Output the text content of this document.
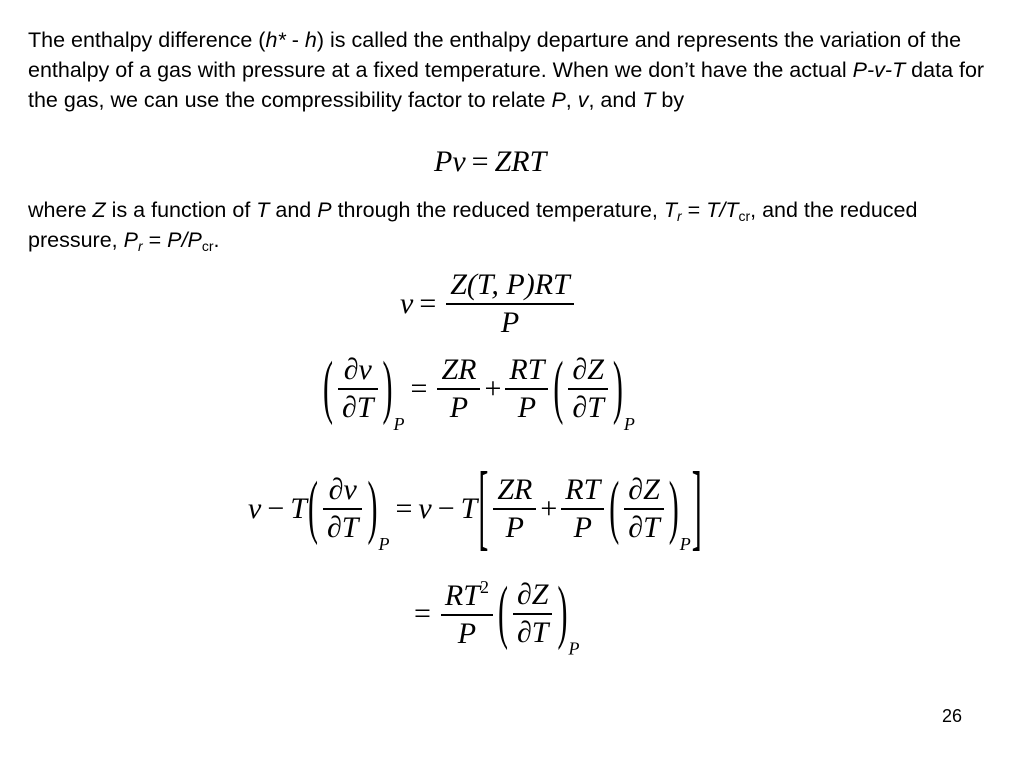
The enthalpy difference (h* - h) is called the enthalpy departure and represents the variation of the enthalpy of a gas with pressure at a fixed temperature. When we don’t have the actual P-v-T data for the gas, we can use the compressibility factor to relate P, v, and T by
Pv = ZRT
where Z is a function of T and P through the reduced temperature, $T_r = T/T_{cr}$, and the reduced pressure, $P_r = P/P_{cr}$.
$v = \frac{Z(T, P)RT}{P}$
( $\frac{\partial v}{\partial T} )_P= \frac{ZR}{P} + \frac{RT}{P}$ ( $\frac{\partial Z}{\partial T} )_P$
$v - T( \frac{\partial v}{\partial T} )_P= v - T[ \frac{ZR}{P} + \frac{RT}{P}$ ( $\frac{\partial Z}{\partial T} )_P$]
= $\frac{RT^2}{P}$ ( $\frac{\partial Z}{\partial T} )_P$
26
